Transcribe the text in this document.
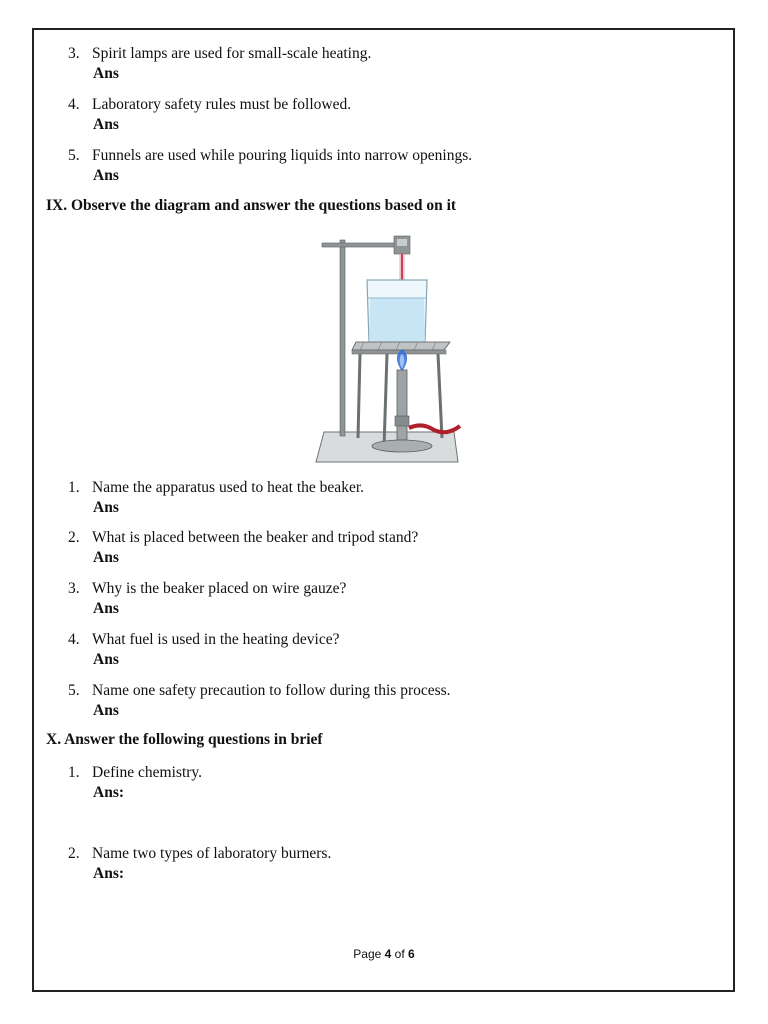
3. Spirit lamps are used for small-scale heating.
Ans
4. Laboratory safety rules must be followed.
Ans
5. Funnels are used while pouring liquids into narrow openings.
Ans
IX. Observe the diagram and answer the questions based on it
1. Name the apparatus used to heat the beaker.
Ans
2. What is placed between the beaker and tripod stand?
Ans
3. Why is the beaker placed on wire gauze?
Ans
4. What fuel is used in the heating device?
Ans
5. Name one safety precaution to follow during this process.
Ans
X. Answer the following questions in brief
1. Define chemistry.
Ans:
2. Name two types of laboratory burners.
Ans:
Page 4 of 6
